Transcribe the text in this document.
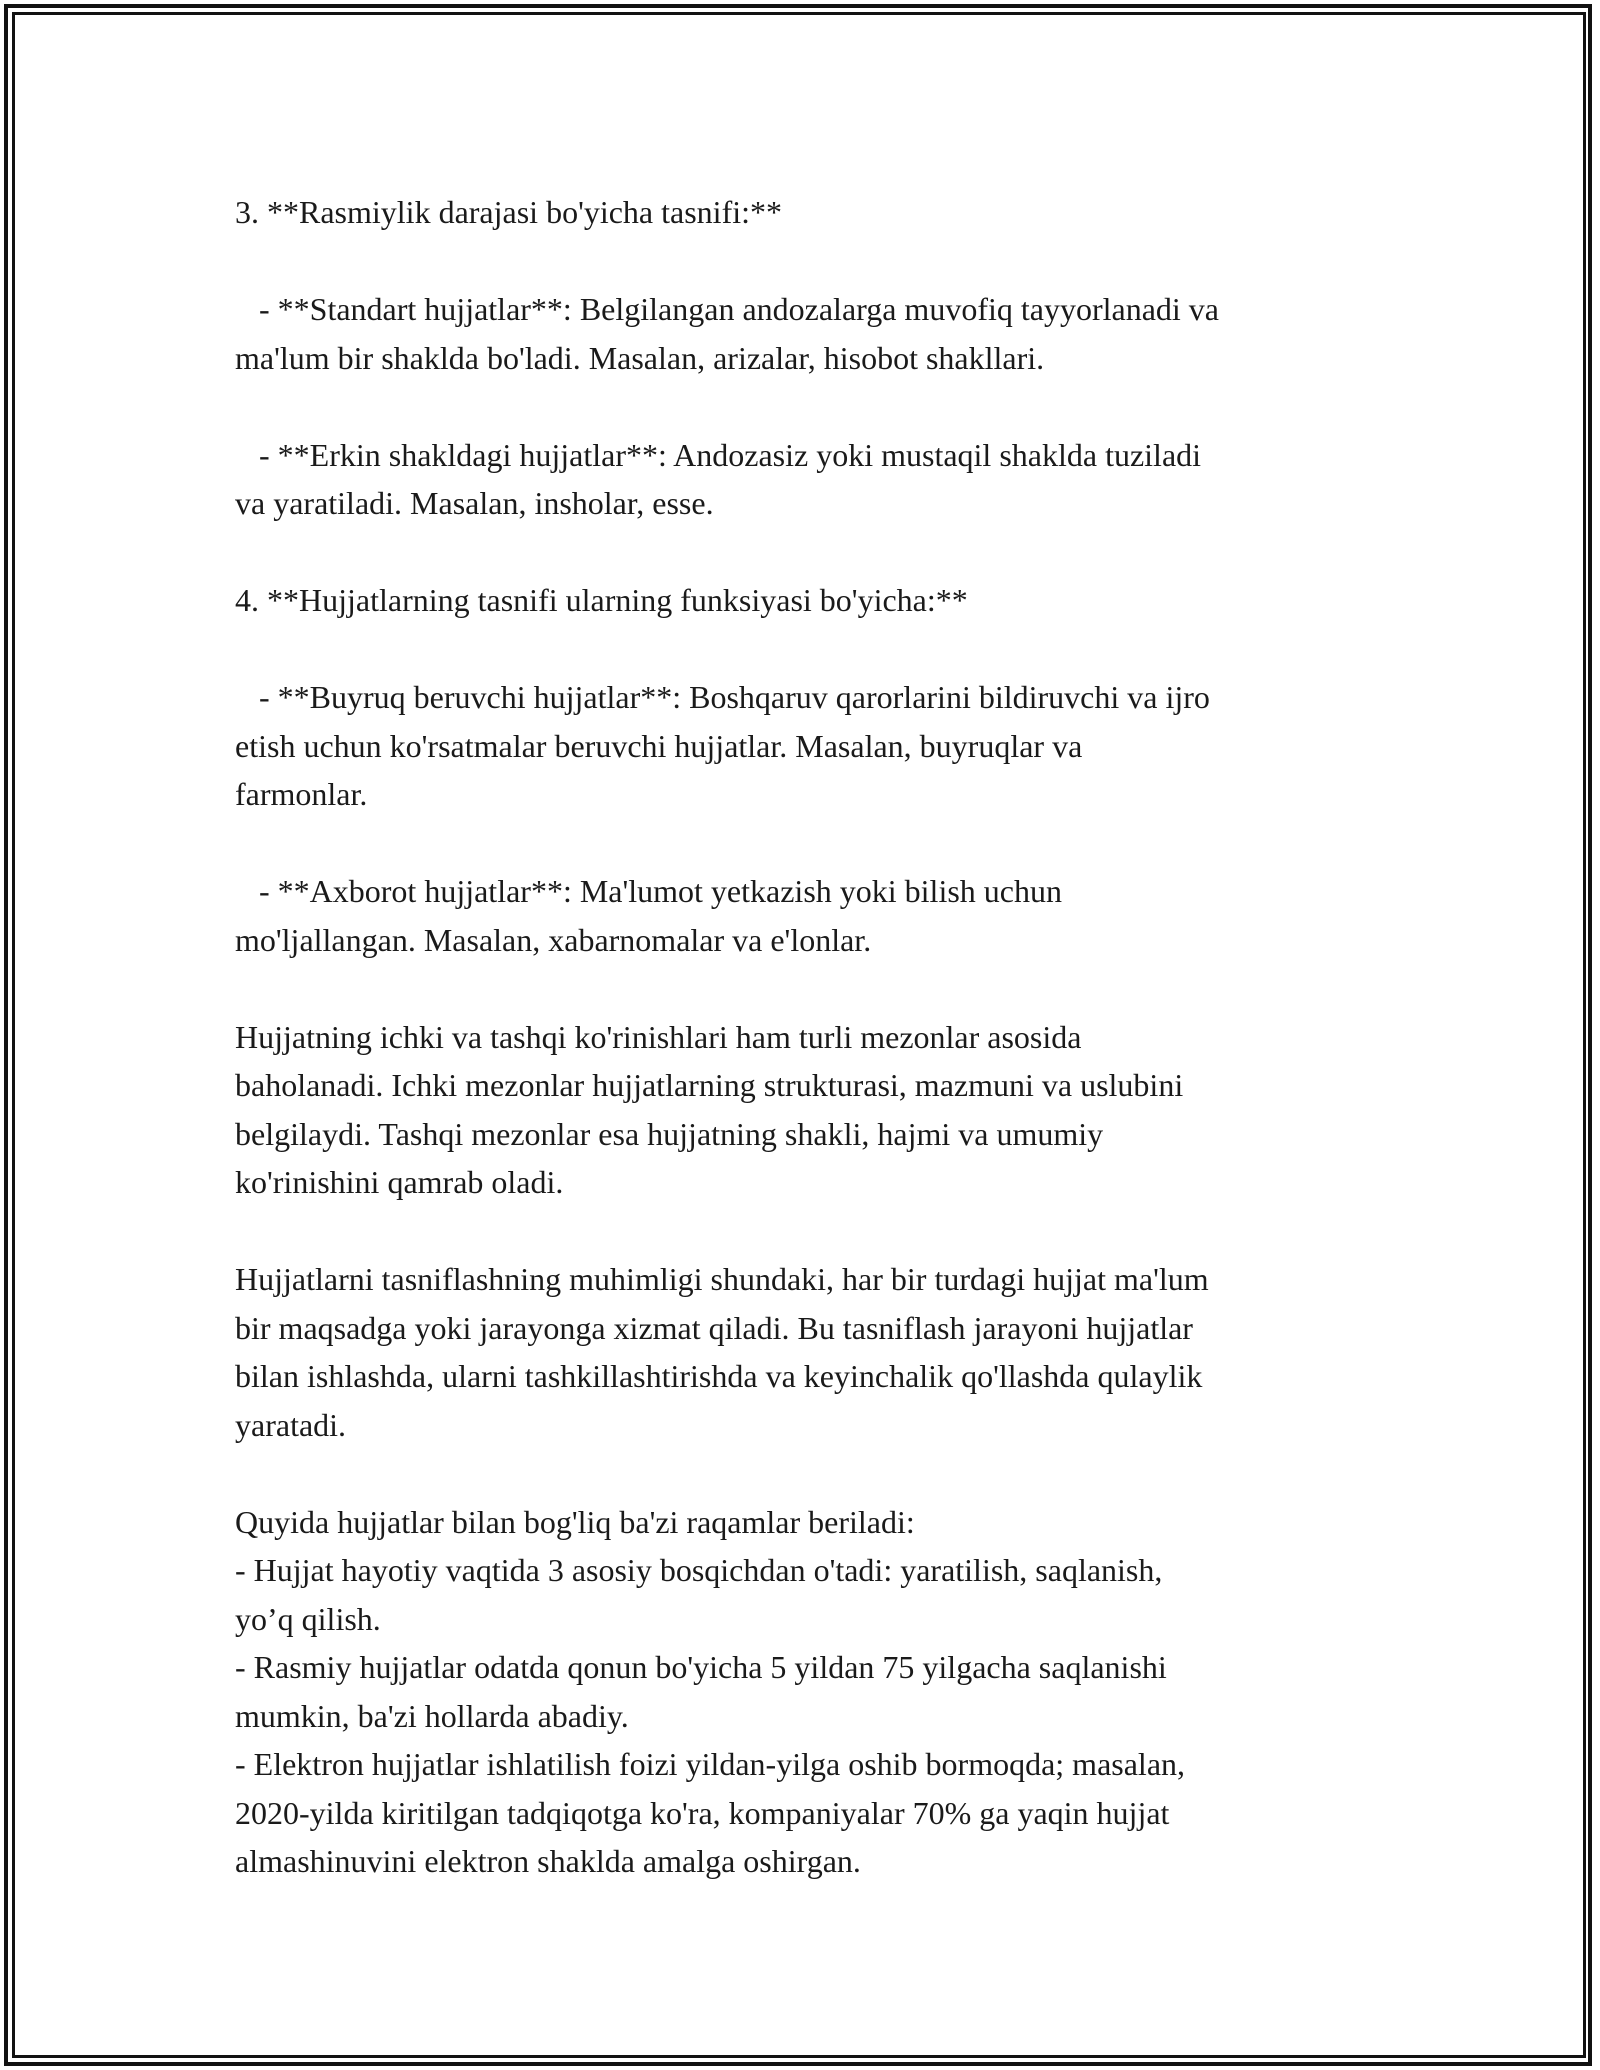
3. **Rasmiylik darajasi bo'yicha tasnifi:**

- **Standart hujjatlar**: Belgilangan andozalarga muvofiq tayyorlanadi va
ma'lum bir shaklda bo'ladi. Masalan, arizalar, hisobot shakllari.

- **Erkin shakldagi hujjatlar**: Andozasiz yoki mustaqil shaklda tuziladi
va yaratiladi. Masalan, insholar, esse.

4. **Hujjatlarning tasnifi ularning funksiyasi bo'yicha:**

- **Buyruq beruvchi hujjatlar**: Boshqaruv qarorlarini bildiruvchi va ijro
etish uchun ko'rsatmalar beruvchi hujjatlar. Masalan, buyruqlar va
farmonlar.

- **Axborot hujjatlar**: Ma'lumot yetkazish yoki bilish uchun
mo'ljallangan. Masalan, xabarnomalar va e'lonlar.

Hujjatning ichki va tashqi ko'rinishlari ham turli mezonlar asosida
baholanadi. Ichki mezonlar hujjatlarning strukturasi, mazmuni va uslubini
belgilaydi. Tashqi mezonlar esa hujjatning shakli, hajmi va umumiy
ko'rinishini qamrab oladi.

Hujjatlarni tasniflashning muhimligi shundaki, har bir turdagi hujjat ma'lum
bir maqsadga yoki jarayonga xizmat qiladi. Bu tasniflash jarayoni hujjatlar
bilan ishlashda, ularni tashkillashtirishda va keyinchalik qo'llashda qulaylik
yaratadi.

Quyida hujjatlar bilan bog'liq ba'zi raqamlar beriladi:
- Hujjat hayotiy vaqtida 3 asosiy bosqichdan o'tadi: yaratilish, saqlanish,
yo’q qilish.
- Rasmiy hujjatlar odatda qonun bo'yicha 5 yildan 75 yilgacha saqlanishi
mumkin, ba'zi hollarda abadiy.
- Elektron hujjatlar ishlatilish foizi yildan-yilga oshib bormoqda; masalan,
2020-yilda kiritilgan tadqiqotga ko'ra, kompaniyalar 70% ga yaqin hujjat
almashinuvini elektron shaklda amalga oshirgan.
